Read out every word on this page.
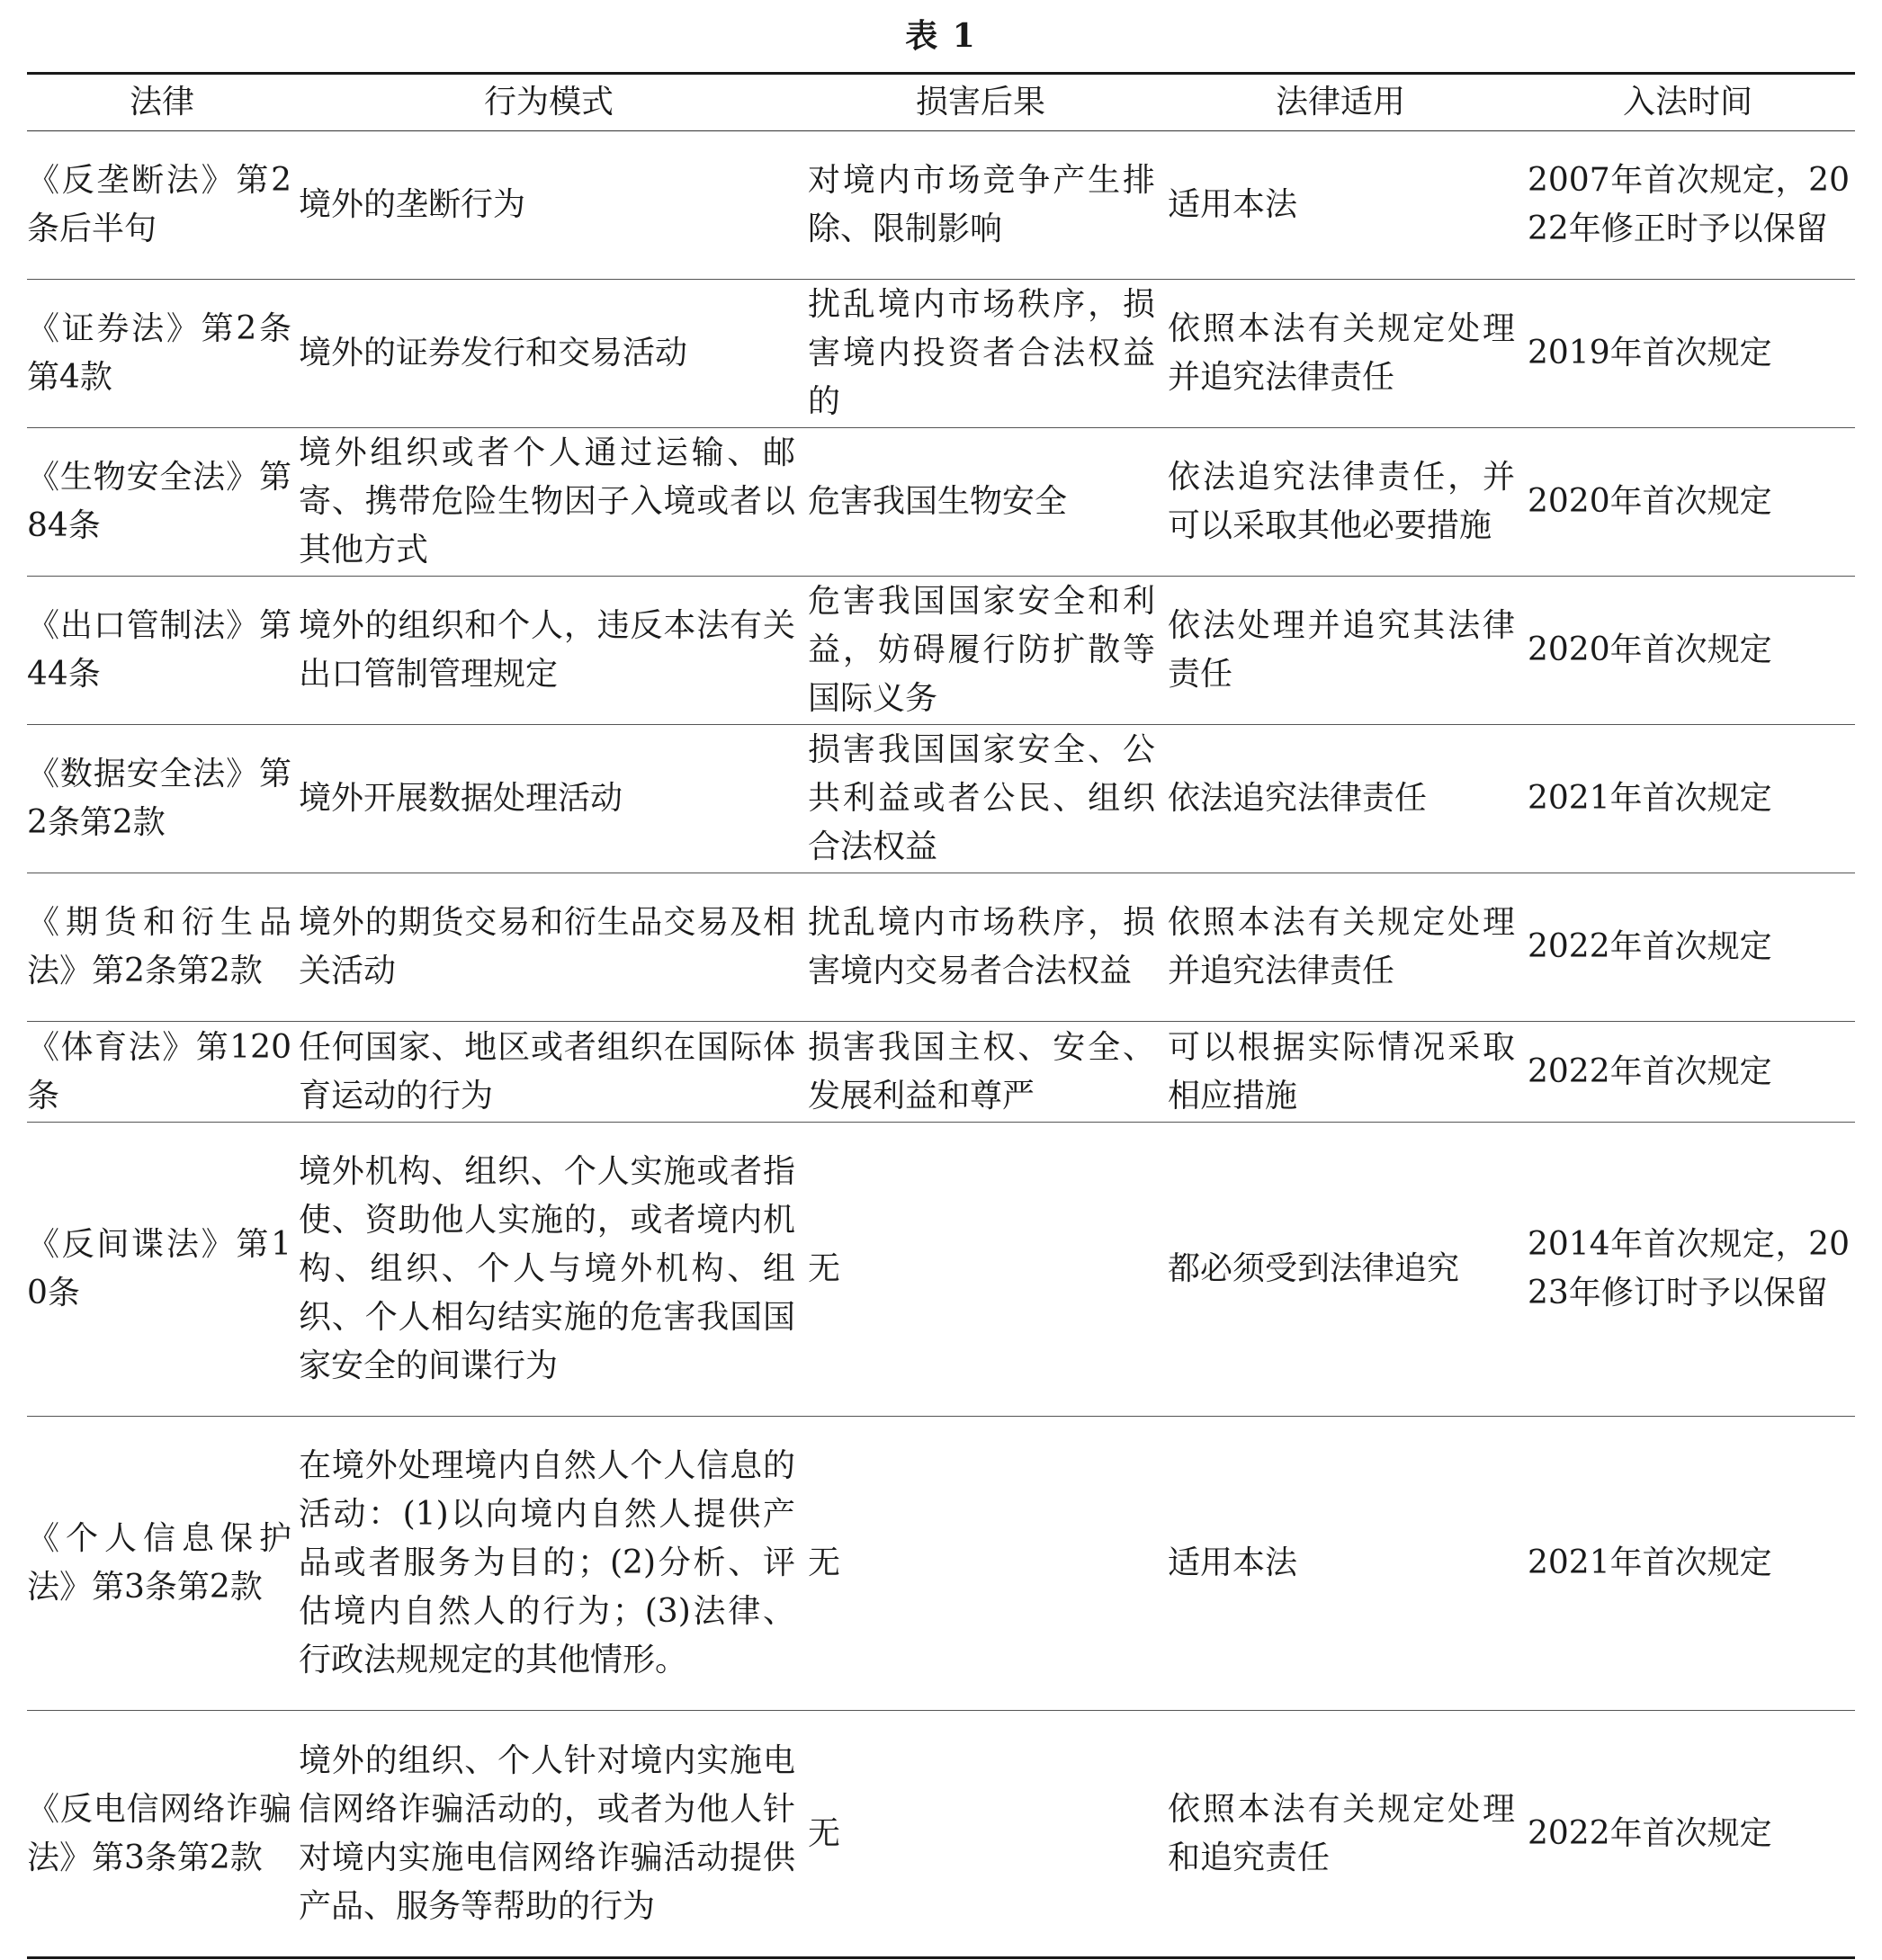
表 1
法律	行为模式	损害后果	法律适用	入法时间
《反垄断法》第2条后半句	境外的垄断行为	对境内市场竞争产生排除、限制影响	适用本法	2007年首次规定，2022年修正时予以保留
《证券法》第2条第4款	境外的证券发行和交易活动	扰乱境内市场秩序，损害境内投资者合法权益的	依照本法有关规定处理并追究法律责任	2019年首次规定
《生物安全法》第84条	境外组织或者个人通过运输、邮寄、携带危险生物因子入境或者以其他方式	危害我国生物安全	依法追究法律责任，并可以采取其他必要措施	2020年首次规定
《出口管制法》第44条	境外的组织和个人，违反本法有关出口管制管理规定	危害我国国家安全和利益，妨碍履行防扩散等国际义务	依法处理并追究其法律责任	2020年首次规定
《数据安全法》第2条第2款	境外开展数据处理活动	损害我国国家安全、公共利益或者公民、组织合法权益	依法追究法律责任	2021年首次规定
《期货和衍生品法》第2条第2款	境外的期货交易和衍生品交易及相关活动	扰乱境内市场秩序，损害境内交易者合法权益	依照本法有关规定处理并追究法律责任	2022年首次规定
《体育法》第120条	任何国家、地区或者组织在国际体育运动的行为	损害我国主权、安全、发展利益和尊严	可以根据实际情况采取相应措施	2022年首次规定
《反间谍法》第10条	境外机构、组织、个人实施或者指使、资助他人实施的，或者境内机构、组织、个人与境外机构、组织、个人相勾结实施的危害我国国家安全的间谍行为	无	都必须受到法律追究	2014年首次规定，2023年修订时予以保留
《个人信息保护法》第3条第2款	在境外处理境内自然人个人信息的活动：(1)以向境内自然人提供产品或者服务为目的；(2)分析、评估境内自然人的行为；(3)法律、行政法规规定的其他情形。	无	适用本法	2021年首次规定
《反电信网络诈骗法》第3条第2款	境外的组织、个人针对境内实施电信网络诈骗活动的，或者为他人针对境内实施电信网络诈骗活动提供产品、服务等帮助的行为	无	依照本法有关规定处理和追究责任	2022年首次规定
